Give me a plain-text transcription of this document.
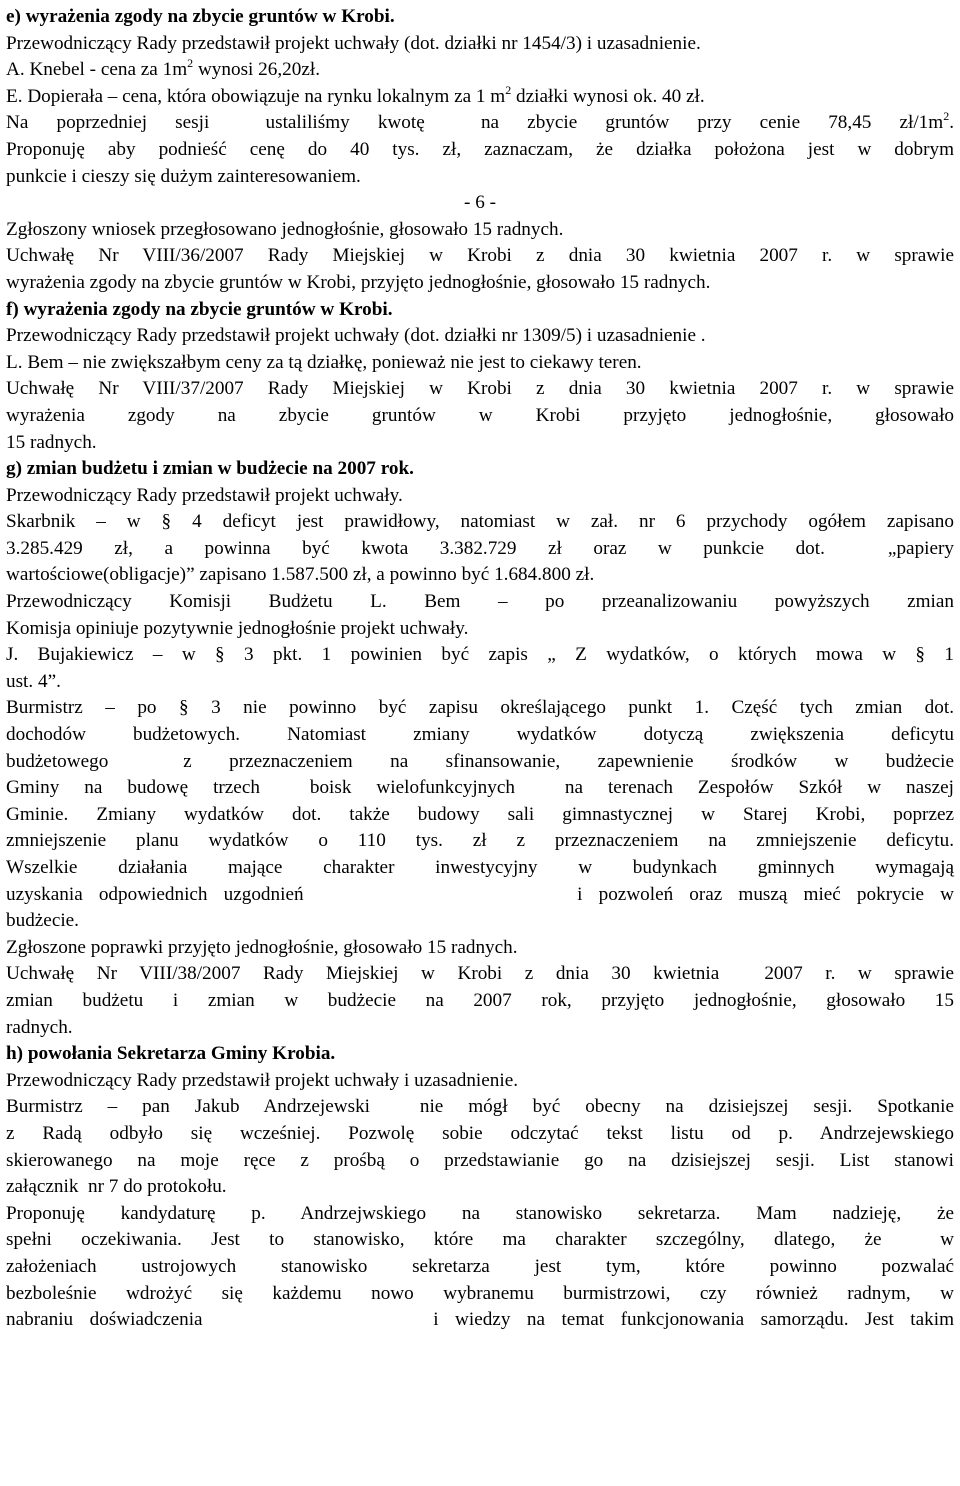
e) wyrażenia zgody na zbycie gruntów w Krobi.
Przewodniczący Rady przedstawił projekt uchwały (dot. działki nr 1454/3) i uzasadnienie.
A. Knebel - cena za $1m^2$ wynosi 26,20zł.
E. Dopierała – cena, która obowiązuje na rynku lokalnym za 1 $m^2$ działki wynosi ok. 40 zł.
Na poprzedniej sesji  ustaliliśmy kwotę  na zbycie gruntów przy cenie 78,45 $zł/1m^2$.
Proponuję aby podnieść cenę do 40 tys. zł, zaznaczam, że działka położona jest w dobrym
punkcie i cieszy się dużym zainteresowaniem.
- 6 -
Zgłoszony wniosek przegłosowano jednogłośnie, głosowało 15 radnych.
Uchwałę Nr VIII/36/2007 Rady Miejskiej w Krobi z dnia 30 kwietnia 2007 r. w sprawie
wyrażenia zgody na zbycie gruntów w Krobi, przyjęto jednogłośnie, głosowało 15 radnych.
f) wyrażenia zgody na zbycie gruntów w Krobi.
Przewodniczący Rady przedstawił projekt uchwały (dot. działki nr 1309/5) i uzasadnienie .
L. Bem – nie zwiększałbym ceny za tą działkę, ponieważ nie jest to ciekawy teren.
Uchwałę Nr VIII/37/2007 Rady Miejskiej w Krobi z dnia 30 kwietnia 2007 r. w sprawie
wyrażenia zgody na zbycie gruntów w Krobi przyjęto jednogłośnie, głosowało
15 radnych.
g) zmian budżetu i zmian w budżecie na 2007 rok.
Przewodniczący Rady przedstawił projekt uchwały.
Skarbnik – w § 4 deficyt jest prawidłowy, natomiast w zał. nr 6 przychody ogółem zapisano
3.285.429 zł, a powinna być kwota 3.382.729 zł oraz w punkcie dot.  „papiery
wartościowe(obligacje)” zapisano 1.587.500 zł, a powinno być 1.684.800 zł.
Przewodniczący Komisji Budżetu L. Bem – po przeanalizowaniu powyższych zmian
Komisja opiniuje pozytywnie jednogłośnie projekt uchwały.
J. Bujakiewicz – w § 3 pkt. 1 powinien być zapis „ Z wydatków, o których mowa w § 1
ust. 4”.
Burmistrz – po § 3 nie powinno być zapisu określającego punkt 1. Część tych zmian dot.
dochodów budżetowych. Natomiast zmiany wydatków dotyczą zwiększenia deficytu
budżetowego  z przeznaczeniem na sfinansowanie, zapewnienie środków w budżecie
Gminy na budowę trzech  boisk wielofunkcyjnych  na terenach Zespołów Szkół w naszej
Gminie. Zmiany wydatków dot. także budowy sali gimnastycznej w Starej Krobi, poprzez
zmniejszenie planu wydatków o 110 tys. zł z przeznaczeniem na zmniejszenie deficytu.
Wszelkie działania mające charakter inwestycyjny w budynkach gminnych wymagają
uzyskania odpowiednich uzgodnień                 i pozwoleń oraz muszą mieć pokrycie w
budżecie.
Zgłoszone poprawki przyjęto jednogłośnie, głosowało 15 radnych.
Uchwałę Nr VIII/38/2007 Rady Miejskiej w Krobi z dnia 30 kwietnia  2007 r. w sprawie
zmian budżetu i zmian w budżecie na 2007 rok, przyjęto jednogłośnie, głosowało 15
radnych.
h) powołania Sekretarza Gminy Krobia.
Przewodniczący Rady przedstawił projekt uchwały i uzasadnienie.
Burmistrz – pan Jakub Andrzejewski  nie mógł być obecny na dzisiejszej sesji. Spotkanie
z Radą odbyło się wcześniej. Pozwolę sobie odczytać tekst listu od p. Andrzejewskiego
skierowanego na moje ręce z prośbą o przedstawianie go na dzisiejszej sesji. List stanowi
załącznik  nr 7 do protokołu.
Proponuję kandydaturę p. Andrzejwskiego na stanowisko sekretarza. Mam nadzieję, że
spełni oczekiwania. Jest to stanowisko, które ma charakter szczególny, dlatego, że  w
założeniach ustrojowych stanowisko sekretarza jest tym, które powinno pozwalać
bezboleśnie wdrożyć się każdemu nowo wybranemu burmistrzowi, czy również radnym, w
nabraniu doświadczenia              i wiedzy na temat funkcjonowania samorządu. Jest takim
